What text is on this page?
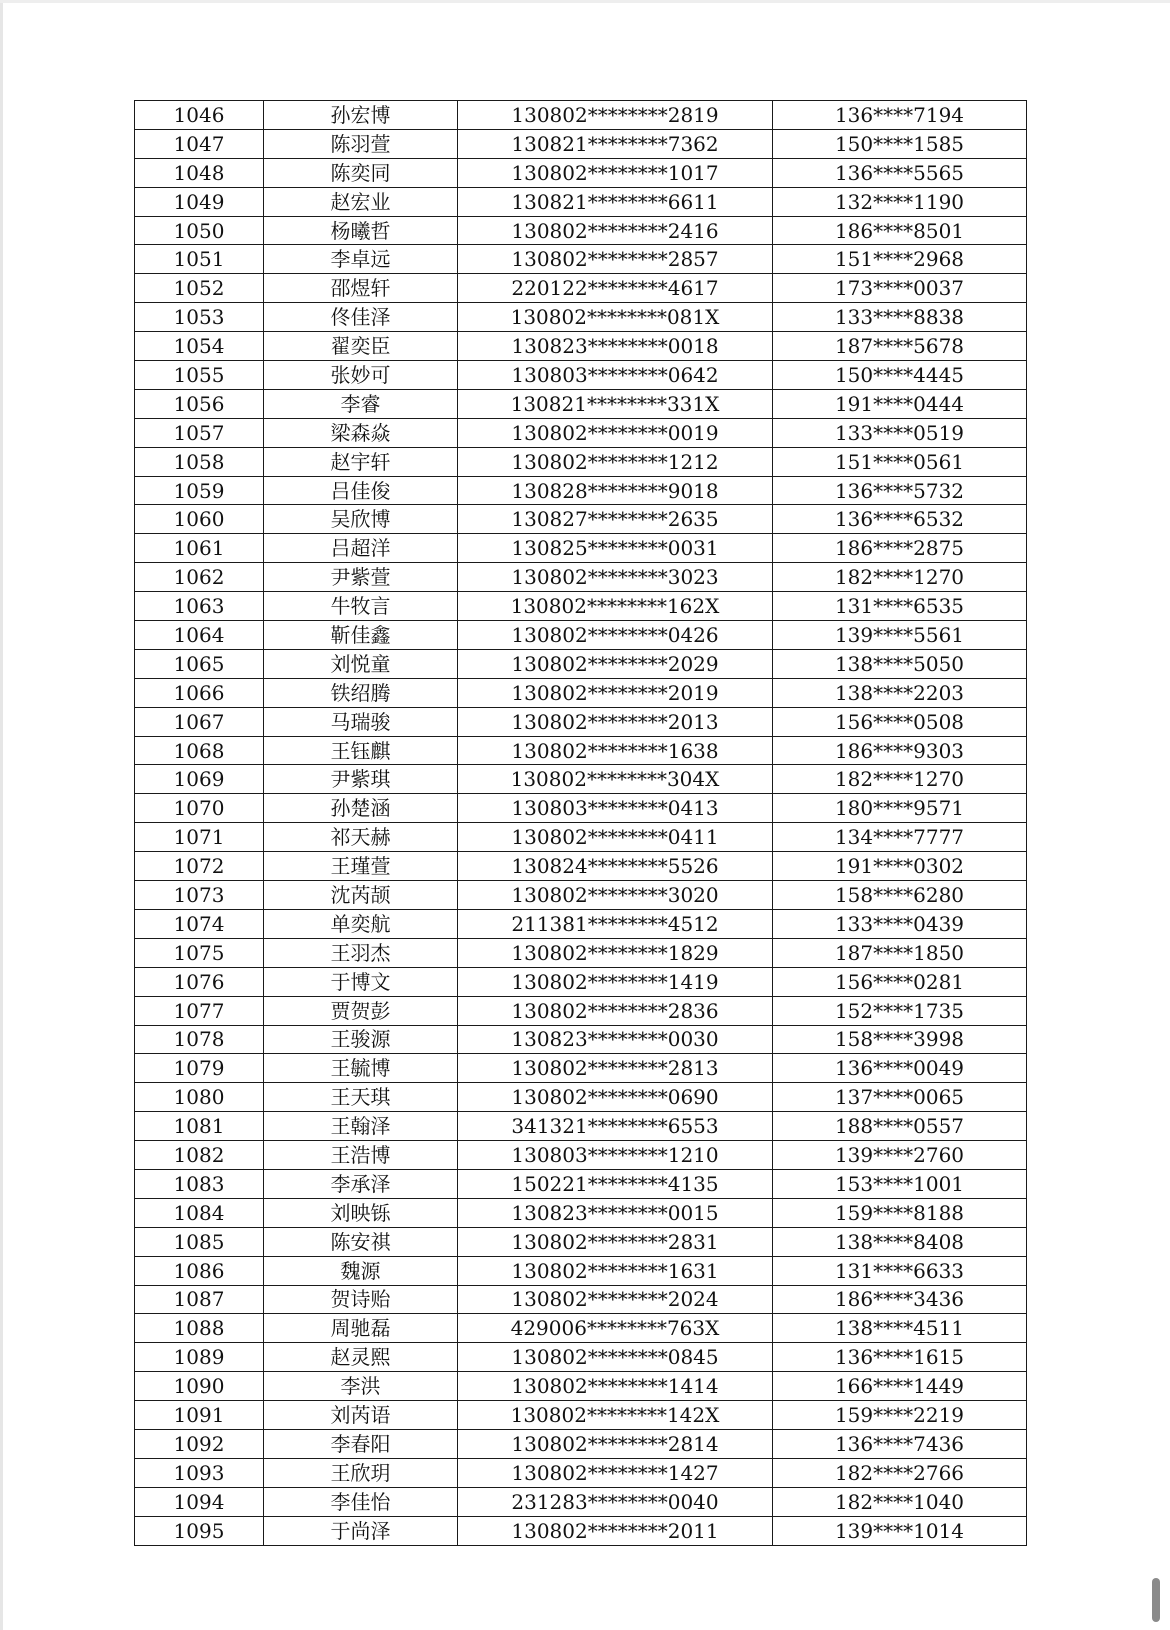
1046	孙宏博	130802********2819	136****7194
1047	陈羽萱	130821********7362	150****1585
1048	陈奕同	130802********1017	136****5565
1049	赵宏业	130821********6611	132****1190
1050	杨曦哲	130802********2416	186****8501
1051	李卓远	130802********2857	151****2968
1052	邵煜轩	220122********4617	173****0037
1053	佟佳泽	130802********081X	133****8838
1054	翟奕臣	130823********0018	187****5678
1055	张妙可	130803********0642	150****4445
1056	李睿	130821********331X	191****0444
1057	梁森焱	130802********0019	133****0519
1058	赵宇轩	130802********1212	151****0561
1059	吕佳俊	130828********9018	136****5732
1060	吴欣博	130827********2635	136****6532
1061	吕超洋	130825********0031	186****2875
1062	尹紫萱	130802********3023	182****1270
1063	牛牧言	130802********162X	131****6535
1064	靳佳鑫	130802********0426	139****5561
1065	刘悦童	130802********2029	138****5050
1066	铁绍腾	130802********2019	138****2203
1067	马瑞骏	130802********2013	156****0508
1068	王钰麒	130802********1638	186****9303
1069	尹紫琪	130802********304X	182****1270
1070	孙楚涵	130803********0413	180****9571
1071	祁天赫	130802********0411	134****7777
1072	王瑾萱	130824********5526	191****0302
1073	沈芮颉	130802********3020	158****6280
1074	单奕航	211381********4512	133****0439
1075	王羽杰	130802********1829	187****1850
1076	于博文	130802********1419	156****0281
1077	贾贺彭	130802********2836	152****1735
1078	王骏源	130823********0030	158****3998
1079	王毓博	130802********2813	136****0049
1080	王天琪	130802********0690	137****0065
1081	王翰泽	341321********6553	188****0557
1082	王浩博	130803********1210	139****2760
1083	李承泽	150221********4135	153****1001
1084	刘映铄	130823********0015	159****8188
1085	陈安祺	130802********2831	138****8408
1086	魏源	130802********1631	131****6633
1087	贺诗贻	130802********2024	186****3436
1088	周驰磊	429006********763X	138****4511
1089	赵灵熙	130802********0845	136****1615
1090	李洪	130802********1414	166****1449
1091	刘芮语	130802********142X	159****2219
1092	李春阳	130802********2814	136****7436
1093	王欣玥	130802********1427	182****2766
1094	李佳怡	231283********0040	182****1040
1095	于尚泽	130802********2011	139****1014
